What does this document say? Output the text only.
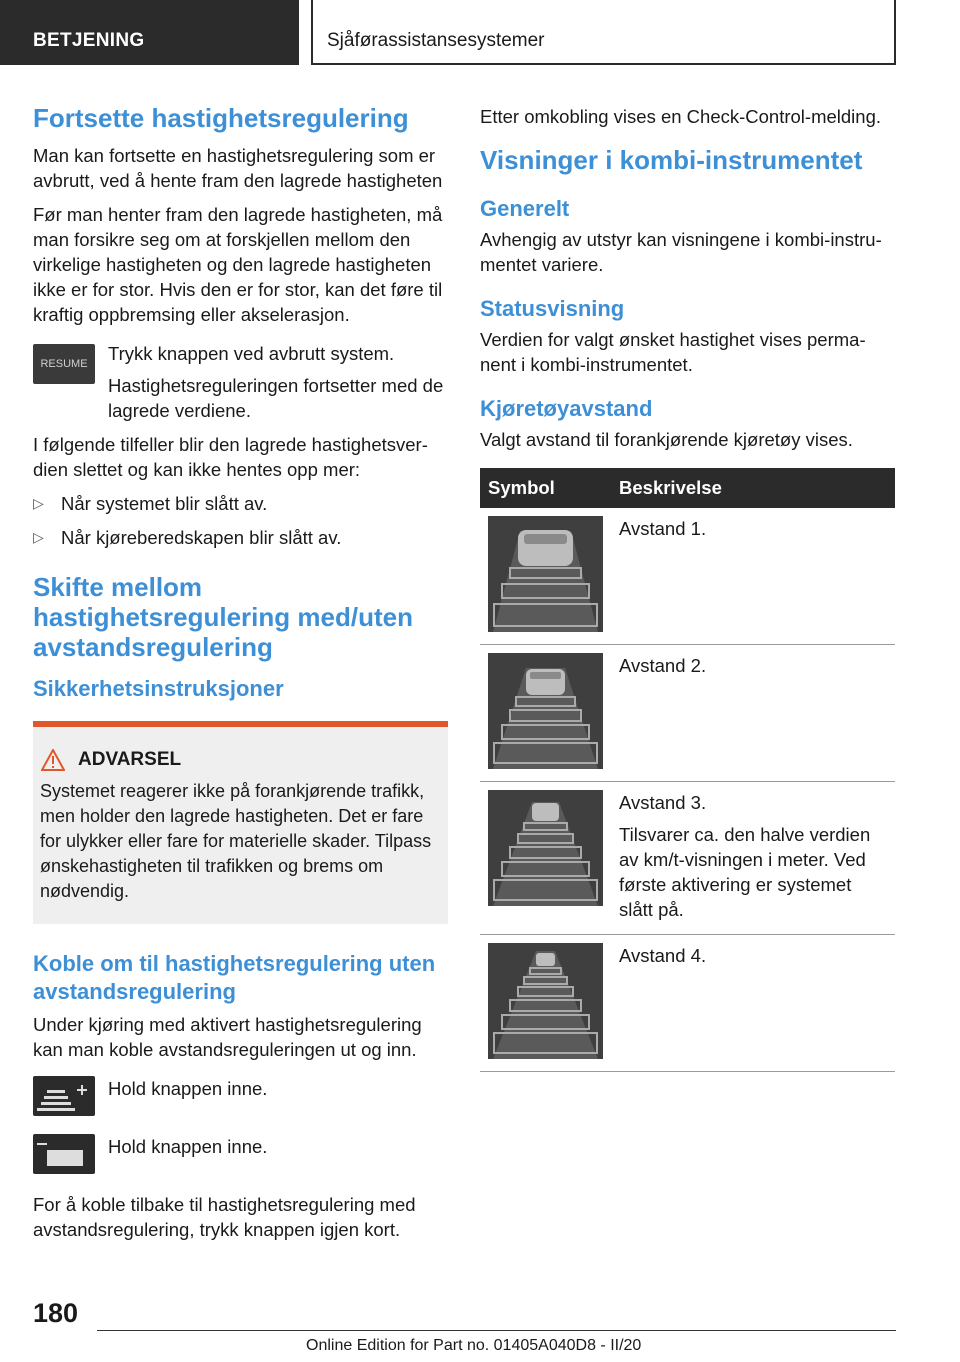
BETJENING	Sjåførassistansesystemer
Fortsette hastighetsregulering

Man kan fortsette en hastighetsregulering som er avbrutt, ved å hente fram den lagrede hastigheten

Før man henter fram den lagrede hastigheten, må man forsikre seg om at forskjellen mellom den virkelige hastigheten og den lagrede hastigheten ikke er for stor. Hvis den er for stor, kan det føre til kraftig oppbremsing eller akselerasjon.

RESUME Trykk knappen ved avbrutt system.

Hastighetsreguleringen fortsetter med de lagrede verdiene.

I følgende tilfeller blir den lagrede hastighetsverdien slettet og kan ikke hentes opp mer:

▷ Når systemet blir slått av.
▷ Når kjøreberedskapen blir slått av.
Skifte mellom hastighetsregulering med/uten avstandsregulering
Sikkerhetsinstruksjoner
ADVARSEL

Systemet reagerer ikke på forankjørende trafikk, men holder den lagrede hastigheten. Det er fare for ulykker eller fare for materielle skader. Tilpass ønskehastigheten til trafikken og brems om nødvendig.

Koble om til hastighetsregulering uten avstandsregulering

Under kjøring med aktivert hastighetsregulering kan man koble avstandsreguleringen ut og inn.

Hold knappen inne.

Hold knappen inne.

For å koble tilbake til hastighetsregulering med avstandsregulering, trykk knappen igjen kort.

Etter omkobling vises en Check-Control-melding.

Visninger i kombi-instrumentet
Generelt

Avhengig av utstyr kan visningene i kombi-instrumentet variere.

Statusvisning

Verdien for valgt ønsket hastighet vises permanent i kombi-instrumentet.

Kjøretøyavstand

Valgt avstand til forankjørende kjøretøy vises.

Symbol	Beskrivelse

	Avstand 1.

	Avstand 2.

Avstand 3.
Tilsvarer ca. den halve verdien av km/t-visningen i meter. Ved første aktivering er systemet slått på.

	Avstand 4.
180
Online Edition for Part no. 01405A040D8 - II/20
